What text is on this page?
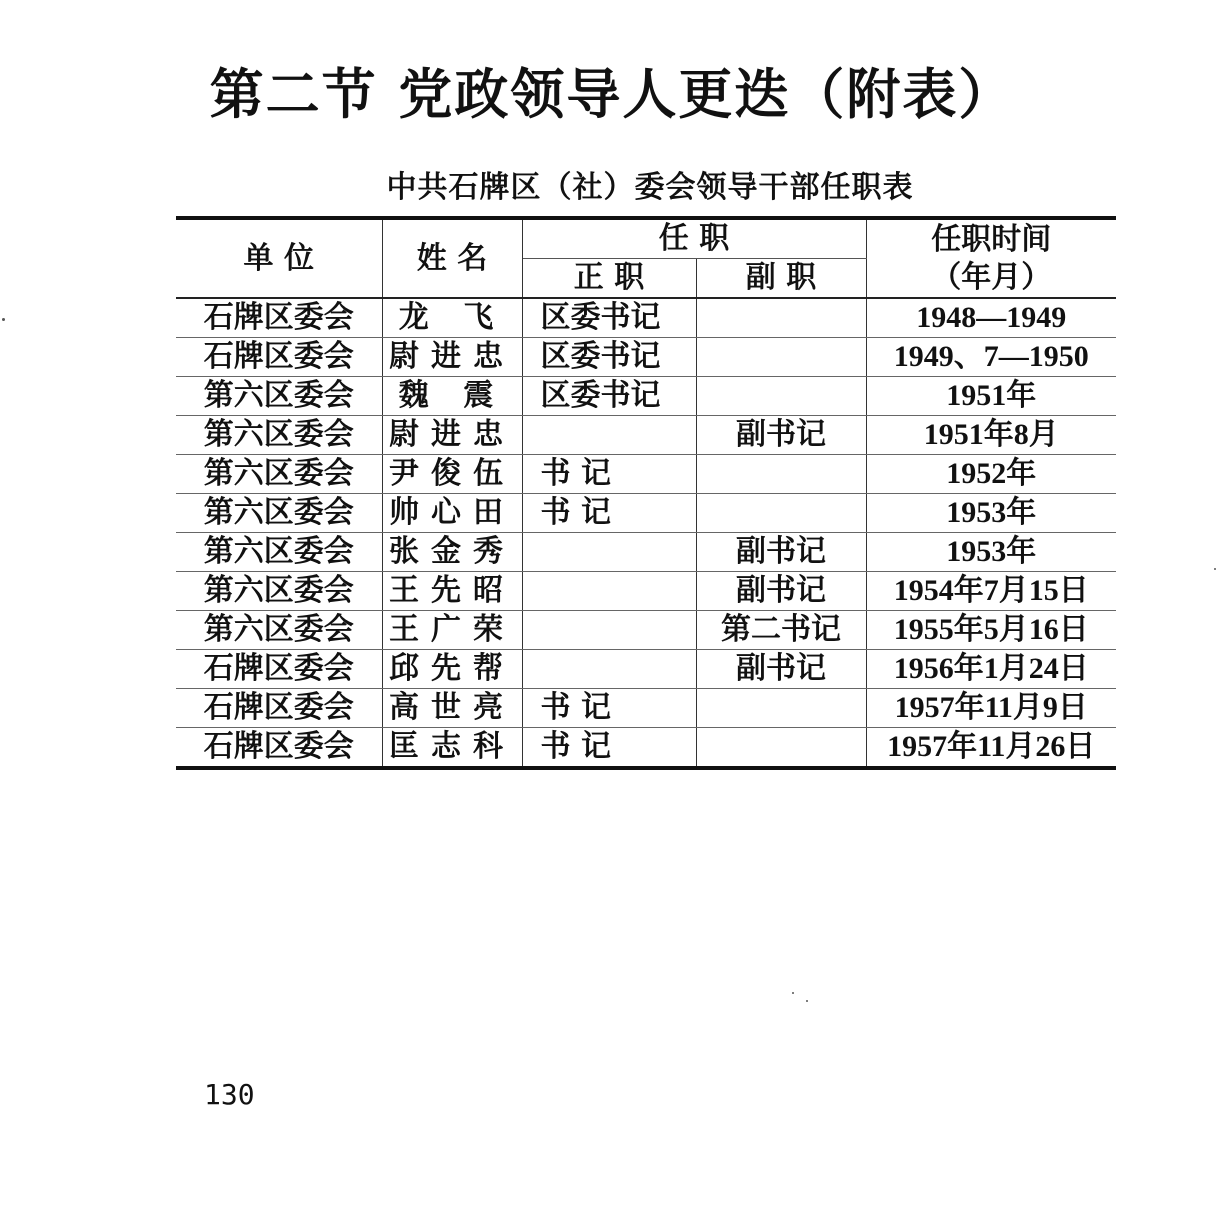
第二节 党政领导人更迭（附表）
中共石牌区（社）委会领导干部任职表
单 位	姓 名	任 职		任职时间
（年月）

		正 职	副 职	
石牌区委会	龙 飞	区委书记		1948—1949
石牌区委会	尉进忠	区委书记		1949、7—1950
第六区委会	魏 震	区委书记		1951年
第六区委会	尉进忠		副书记	1951年8月
第六区委会	尹俊伍	书 记		1952年
第六区委会	帅心田	书 记		1953年
第六区委会	张金秀		副书记	1953年
第六区委会	王先昭		副书记	1954年7月15日
第六区委会	王广荣		第二书记	1955年5月16日
石牌区委会	邱先帮		副书记	1956年1月24日
石牌区委会	高世亮	书 记		1957年11月9日
石牌区委会	匡志科	书 记		1957年11月26日

130
